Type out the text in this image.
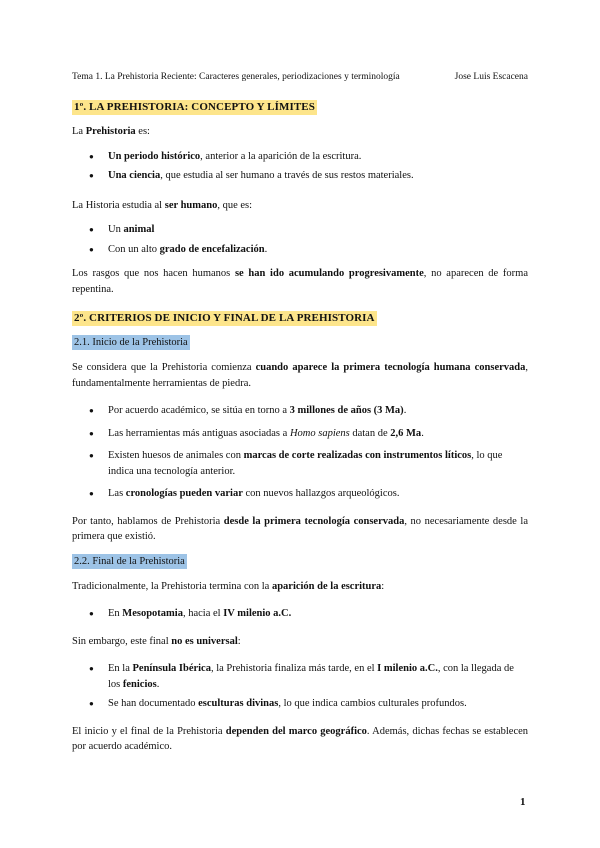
Tema 1. La Prehistoria Reciente: Caracteres generales, periodizaciones y terminología	Jose Luis Escacena
1º. LA PREHISTORIA: CONCEPTO Y LÍMITES

La Prehistoria es:

● Un periodo histórico, anterior a la aparición de la escritura.
● Una ciencia, que estudia al ser humano a través de sus restos materiales.

La Historia estudia al ser humano, que es:

● Un animal
● Con un alto grado de encefalización.

Los rasgos que nos hacen humanos se han ido acumulando progresivamente, no aparecen de forma repentina.

2º. CRITERIOS DE INICIO Y FINAL DE LA PREHISTORIA
2.1. Inicio de la Prehistoria

Se considera que la Prehistoria comienza cuando aparece la primera tecnología humana conservada, fundamentalmente herramientas de piedra.

● Por acuerdo académico, se sitúa en torno a 3 millones de años (3 Ma).
● Las herramientas más antiguas asociadas a Homo sapiens datan de 2,6 Ma.
● Existen huesos de animales con marcas de corte realizadas con instrumentos líticos, lo que indica una tecnología anterior.
● Las cronologías pueden variar con nuevos hallazgos arqueológicos.

Por tanto, hablamos de Prehistoria desde la primera tecnología conservada, no necesariamente desde la primera que existió.

2.2. Final de la Prehistoria

Tradicionalmente, la Prehistoria termina con la aparición de la escritura:

● En Mesopotamia, hacia el IV milenio a.C.

Sin embargo, este final no es universal:

● En la Península Ibérica, la Prehistoria finaliza más tarde, en el I milenio a.C., con la llegada de los fenicios.
● Se han documentado esculturas divinas, lo que indica cambios culturales profundos.

El inicio y el final de la Prehistoria dependen del marco geográfico. Además, dichas fechas se establecen por acuerdo académico.

1
